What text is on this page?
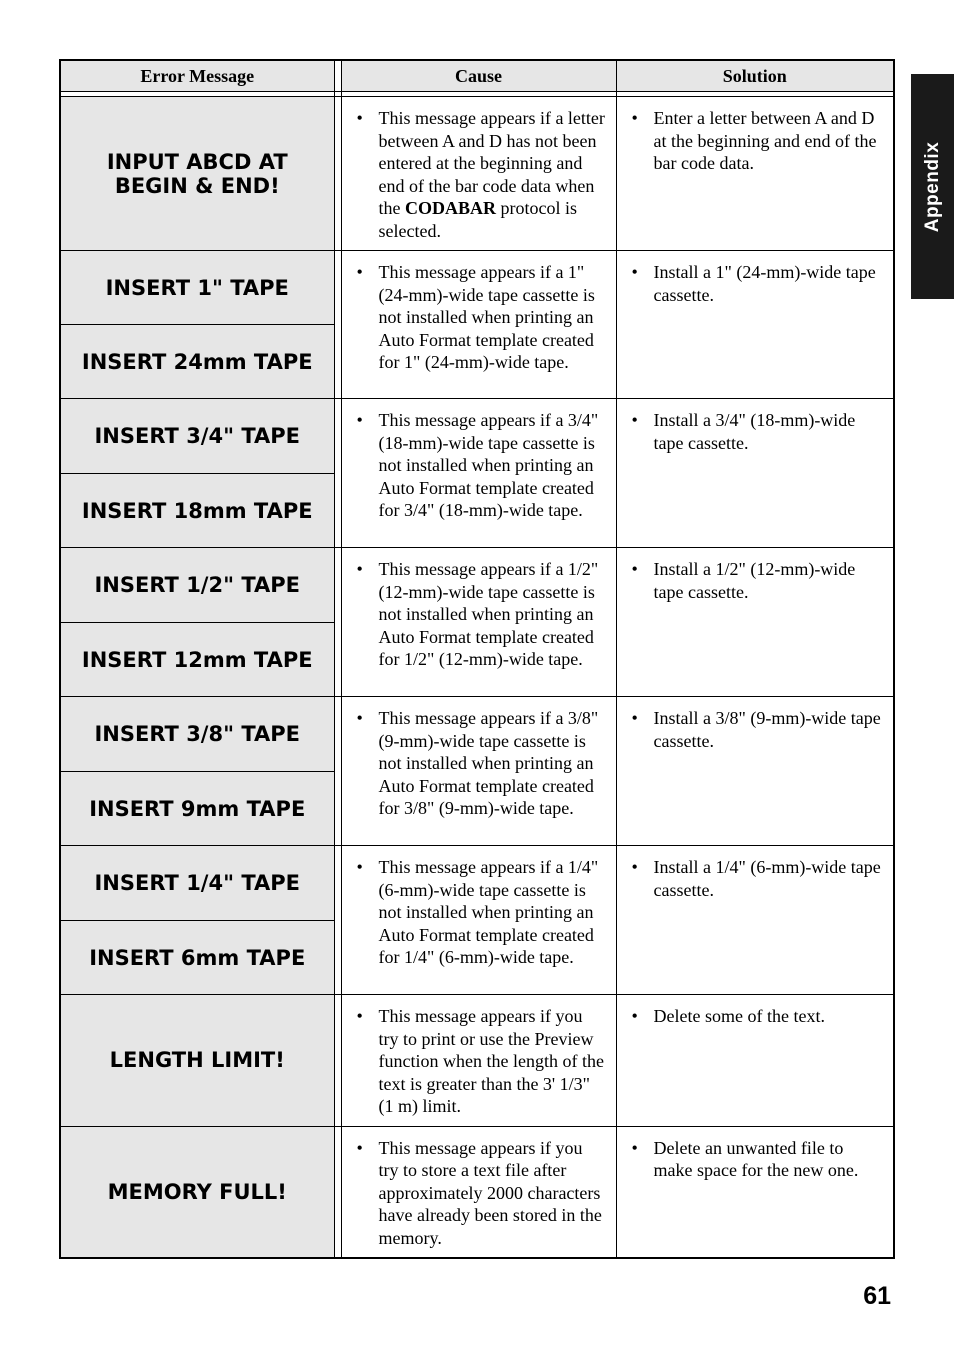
Appendix
Error Message		Cause	Solution

INPUT ABCD AT
BEGIN & END!		• This message appears if a letter between A and D has not been entered at the beginning and end of the bar code data when the CODABAR protocol is selected.	• Enter a letter between A and D at the beginning and end of the bar code data.

INSERT 1" TAPE		• This message appears if a 1" (24-mm)-wide tape cassette is not installed when printing an Auto Format template created for 1" (24-mm)-wide tape.	• Install a 1" (24-mm)-wide tape cassette.

INSERT 24mm TAPE			
INSERT 3/4" TAPE		• This message appears if a 3/4" (18-mm)-wide tape cassette is not installed when printing an Auto Format template created for 3/4" (18-mm)-wide tape.	• Install a 3/4" (18-mm)-wide tape cassette.

INSERT 18mm TAPE			
INSERT 1/2" TAPE		• This message appears if a 1/2" (12-mm)-wide tape cassette is not installed when printing an Auto Format template created for 1/2" (12-mm)-wide tape.	• Install a 1/2" (12-mm)-wide tape cassette.

INSERT 12mm TAPE			
INSERT 3/8" TAPE		• This message appears if a 3/8" (9-mm)-wide tape cassette is not installed when printing an Auto Format template created for 3/8" (9-mm)-wide tape.	• Install a 3/8" (9-mm)-wide tape cassette.

INSERT 9mm TAPE			
INSERT 1/4" TAPE		• This message appears if a 1/4" (6-mm)-wide tape cassette is not installed when printing an Auto Format template created for 1/4" (6-mm)-wide tape.	• Install a 1/4" (6-mm)-wide tape cassette.

INSERT 6mm TAPE			
LENGTH LIMIT!		• This message appears if you try to print or use the Preview function when the length of the text is greater than the 3' 1/3" (1 m) limit.	• Delete some of the text.

MEMORY FULL!		• This message appears if you try to store a text file after approximately 2000 characters have already been stored in the memory.	• Delete an unwanted file to make space for the new one.
61
